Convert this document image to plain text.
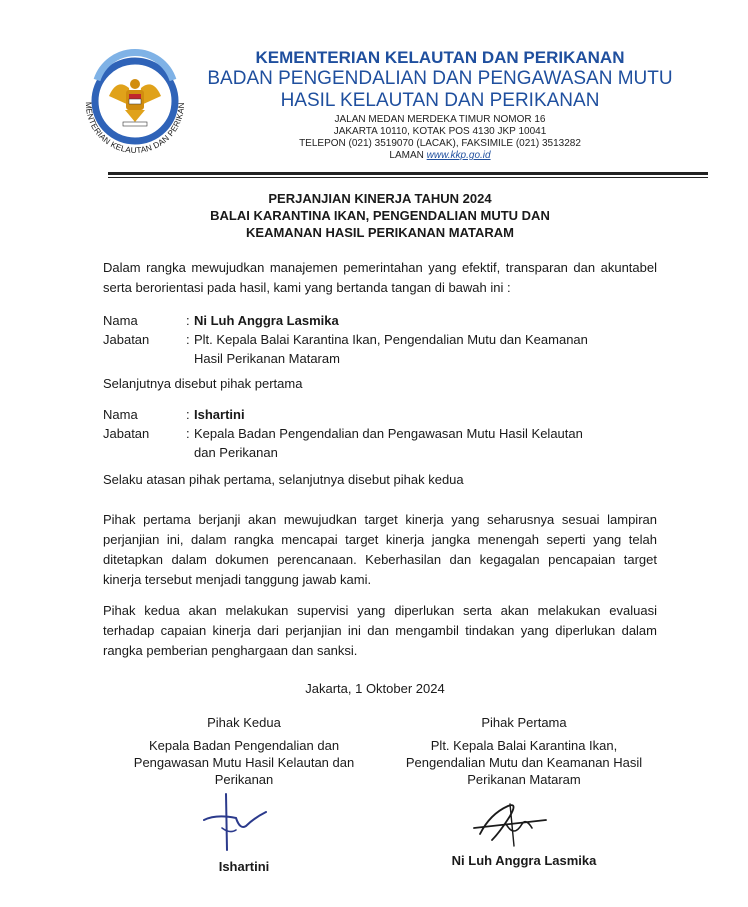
MENTERIAN KELAUTAN DAN PERIKAN
KEMENTERIAN KELAUTAN DAN PERIKANAN
BADAN PENGENDALIAN DAN PENGAWASAN MUTU
HASIL KELAUTAN DAN PERIKANAN
JALAN MEDAN MERDEKA TIMUR NOMOR 16
JAKARTA 10110, KOTAK POS 4130 JKP 10041
TELEPON (021) 3519070 (LACAK), FAKSIMILE (021) 3513282
LAMAN www.kkp.go.id
PERJANJIAN KINERJA TAHUN 2024
BALAI KARANTINA IKAN, PENGENDALIAN MUTU DAN
KEAMANAN HASIL PERIKANAN MATARAM
Dalam rangka mewujudkan manajemen pemerintahan yang efektif, transparan dan akuntabel serta berorientasi pada hasil, kami yang bertanda tangan di bawah ini :
Nama	: Ni Luh Anggra Lasmika
Jabatan	: Plt. Kepala Balai Karantina Ikan, Pengendalian Mutu dan Keamanan
Hasil Perikanan Mataram
Selanjutnya disebut pihak pertama
Nama	: Ishartini
Jabatan	: Kepala Badan Pengendalian dan Pengawasan Mutu Hasil Kelautan
dan Perikanan
Selaku atasan pihak pertama, selanjutnya disebut pihak kedua
Pihak pertama berjanji akan mewujudkan target kinerja yang seharusnya sesuai lampiran perjanjian ini, dalam rangka mencapai target kinerja jangka menengah seperti yang telah ditetapkan dalam dokumen perencanaan. Keberhasilan dan kegagalan pencapaian target kinerja tersebut menjadi tanggung jawab kami.
Pihak kedua akan melakukan supervisi yang diperlukan serta akan melakukan evaluasi terhadap capaian kinerja dari perjanjian ini dan mengambil tindakan yang diperlukan dalam rangka pemberian penghargaan dan sanksi.
Jakarta, 1 Oktober 2024
Pihak Kedua
Kepala Badan Pengendalian dan
Pengawasan Mutu Hasil Kelautan dan
Perikanan
Ishartini
Pihak Pertama
Plt. Kepala Balai Karantina Ikan,
Pengendalian Mutu dan Keamanan Hasil
Perikanan Mataram
Ni Luh Anggra Lasmika
